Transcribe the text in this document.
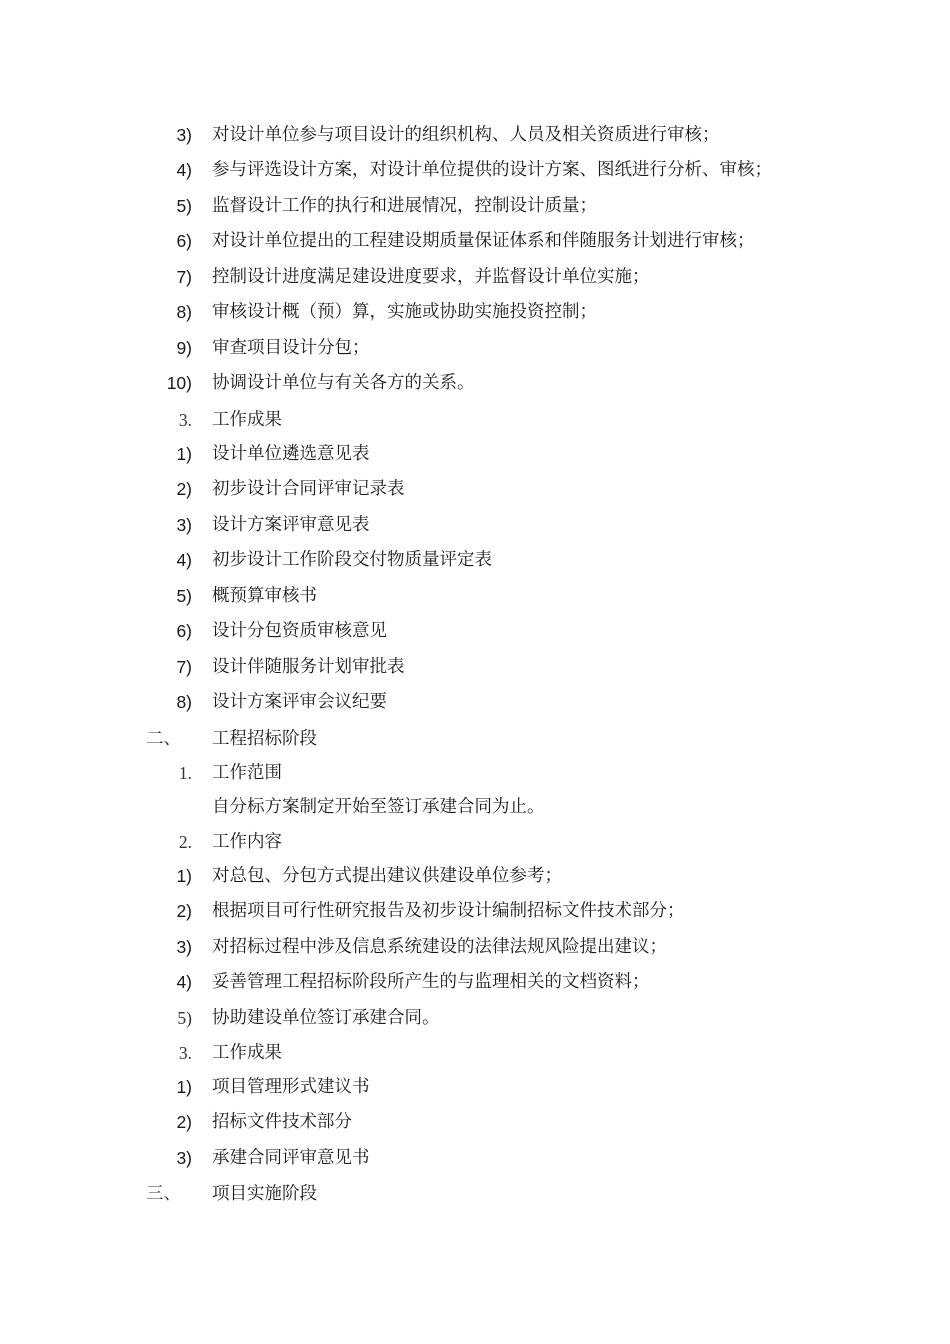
3) 对设计单位参与项目设计的组织机构、人员及相关资质进行审核；
4) 参与评选设计方案，对设计单位提供的设计方案、图纸进行分析、审核；
5) 监督设计工作的执行和进展情况，控制设计质量；
6) 对设计单位提出的工程建设期质量保证体系和伴随服务计划进行审核；
7) 控制设计进度满足建设进度要求，并监督设计单位实施；
8) 审核设计概（预）算，实施或协助实施投资控制；
9) 审查项目设计分包；
10) 协调设计单位与有关各方的关系。
3. 工作成果
1) 设计单位遴选意见表
2) 初步设计合同评审记录表
3) 设计方案评审意见表
4) 初步设计工作阶段交付物质量评定表
5) 概预算审核书
6) 设计分包资质审核意见
7) 设计伴随服务计划审批表
8) 设计方案评审会议纪要
二、	工程招标阶段
1. 工作范围
自分标方案制定开始至签订承建合同为止。
2. 工作内容
1) 对总包、分包方式提出建议供建设单位参考；
2) 根据项目可行性研究报告及初步设计编制招标文件技术部分；
3) 对招标过程中涉及信息系统建设的法律法规风险提出建议；
4) 妥善管理工程招标阶段所产生的与监理相关的文档资料；
5) 协助建设单位签订承建合同。
3. 工作成果
1) 项目管理形式建议书
2) 招标文件技术部分
3) 承建合同评审意见书
三、	项目实施阶段
